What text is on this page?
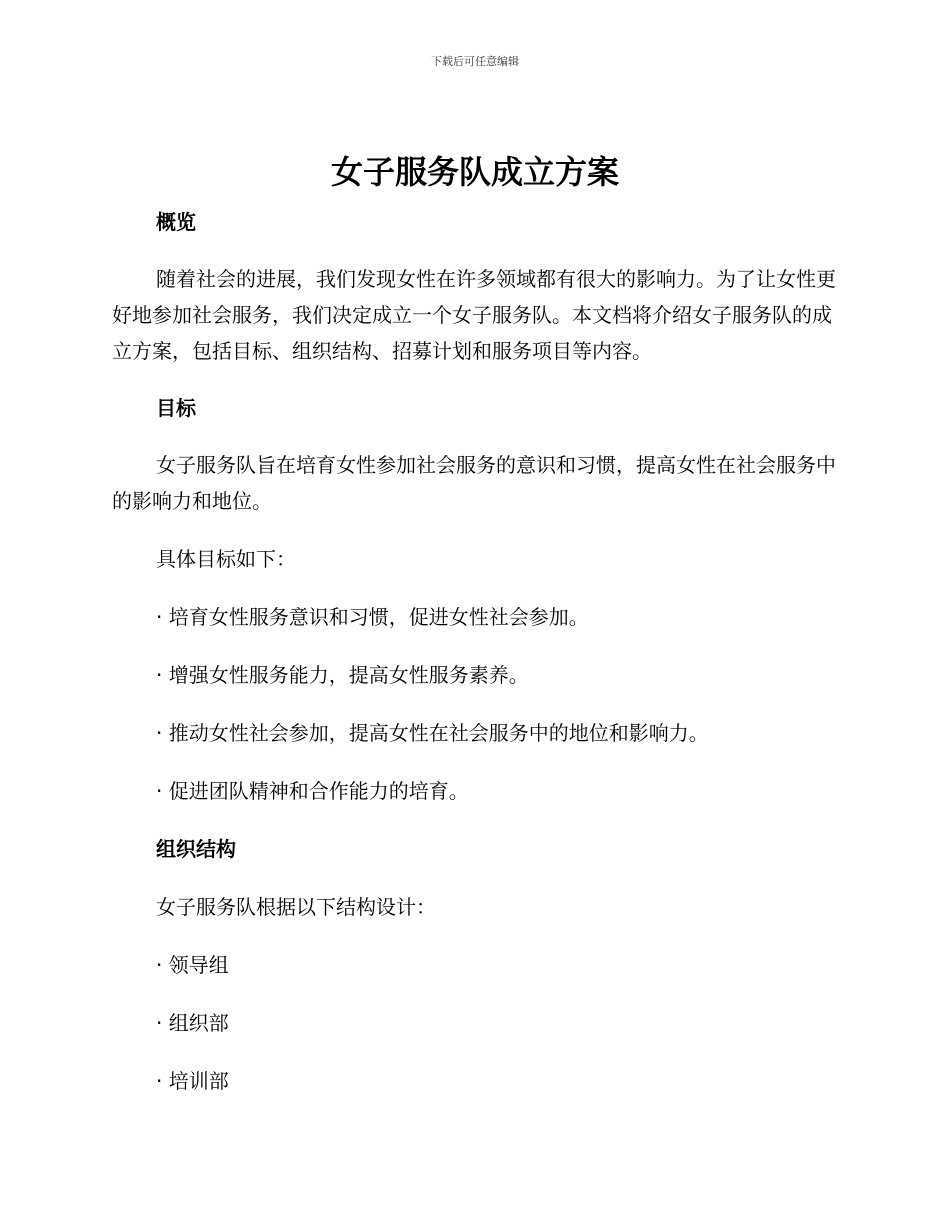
下载后可任意编辑
女子服务队成立方案
概览

随着社会的进展，我们发现女性在许多领域都有很大的影响力。为了让女性更好地参加社会服务，我们决定成立一个女子服务队。本文档将介绍女子服务队的成立方案，包括目标、组织结构、招募计划和服务项目等内容。

目标

女子服务队旨在培育女性参加社会服务的意识和习惯，提高女性在社会服务中的影响力和地位。

具体目标如下：

· 培育女性服务意识和习惯，促进女性社会参加。
· 增强女性服务能力，提高女性服务素养。
· 推动女性社会参加，提高女性在社会服务中的地位和影响力。
· 促进团队精神和合作能力的培育。
组织结构

女子服务队根据以下结构设计：

· 领导组
· 组织部
· 培训部
